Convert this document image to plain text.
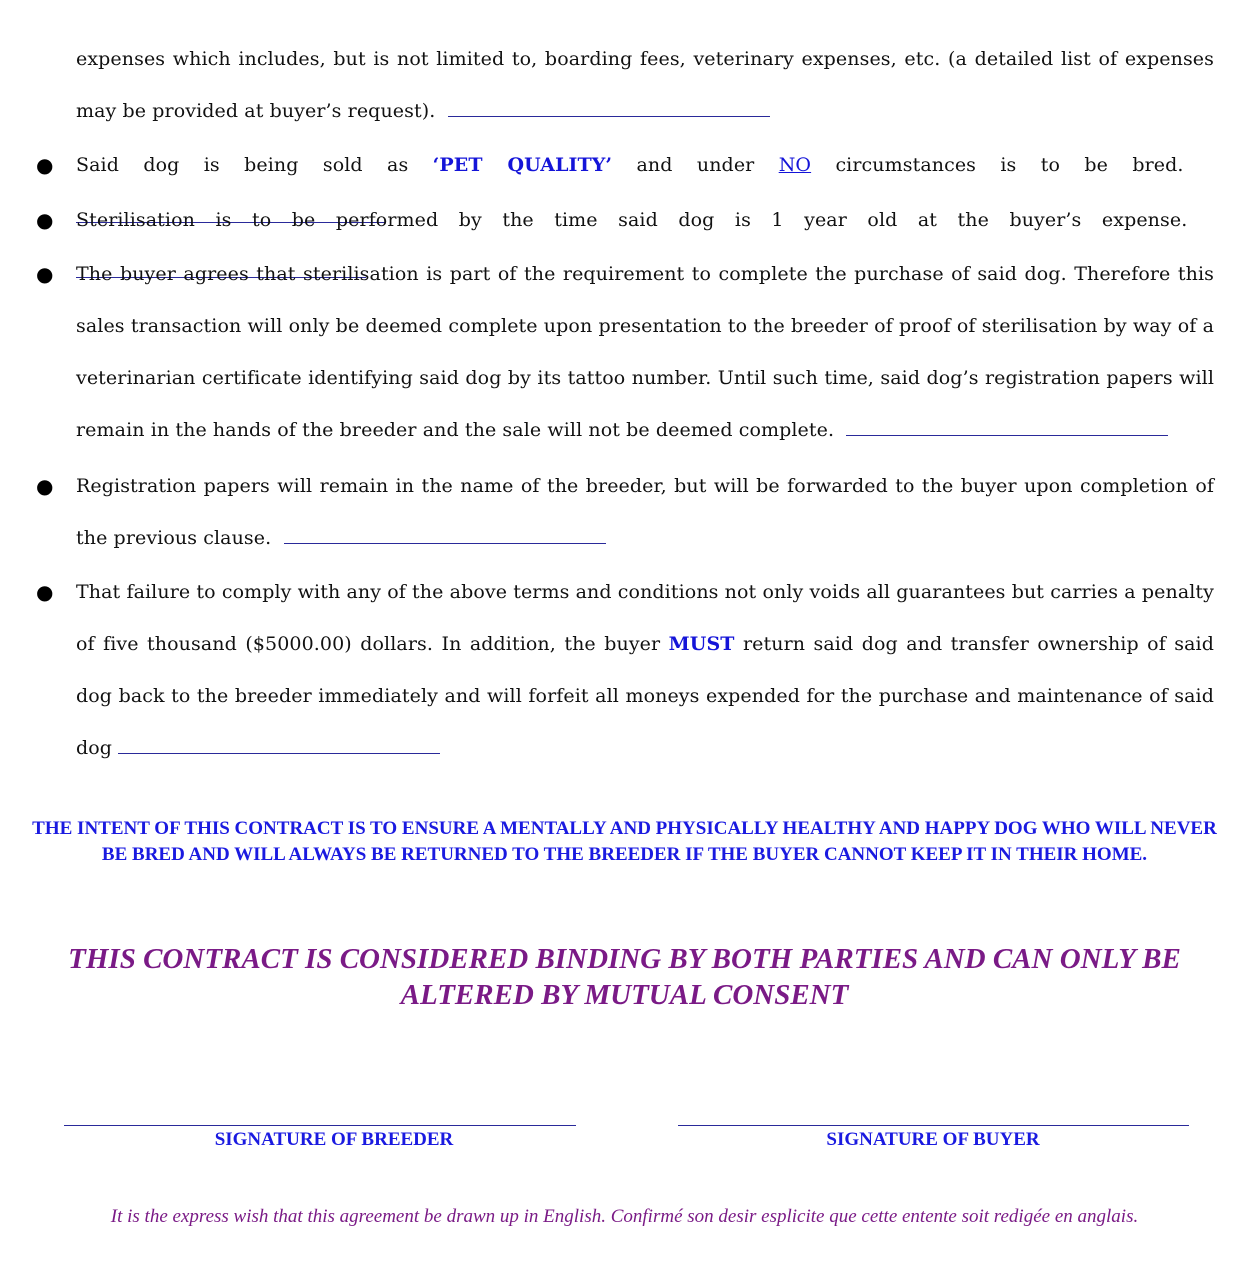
expenses which includes, but is not limited to, boarding fees, veterinary expenses, etc. (a detailed list of expenses may be provided at buyer’s request).
● Said dog is being sold as ‘PET QUALITY’ and under NO circumstances is to be bred.
● Sterilisation is to be performed by the time said dog is 1 year old at the buyer’s expense.
● The buyer agrees that sterilisation is part of the requirement to complete the purchase of said dog. Therefore this sales transaction will only be deemed complete upon presentation to the breeder of proof of sterilisation by way of a veterinarian certificate identifying said dog by its tattoo number. Until such time, said dog’s registration papers will remain in the hands of the breeder and the sale will not be deemed complete.
● Registration papers will remain in the name of the breeder, but will be forwarded to the buyer upon completion of the previous clause.
● That failure to comply with any of the above terms and conditions not only voids all guarantees but carries a penalty of five thousand ($5000.00) dollars. In addition, the buyer MUST return said dog and transfer ownership of said dog back to the breeder immediately and will forfeit all moneys expended for the purchase and maintenance of said dog
THE INTENT OF THIS CONTRACT IS TO ENSURE A MENTALLY AND PHYSICALLY HEALTHY AND HAPPY DOG WHO WILL NEVER BE BRED AND WILL ALWAYS BE RETURNED TO THE BREEDER IF THE BUYER CANNOT KEEP IT IN THEIR HOME.
THIS CONTRACT IS CONSIDERED BINDING BY BOTH PARTIES AND CAN ONLY BE ALTERED BY MUTUAL CONSENT
SIGNATURE OF BREEDER	SIGNATURE OF BUYER
It is the express wish that this agreement be drawn up in English. Confirmé son desir esplicite que cette entente soit redigée en anglais.
